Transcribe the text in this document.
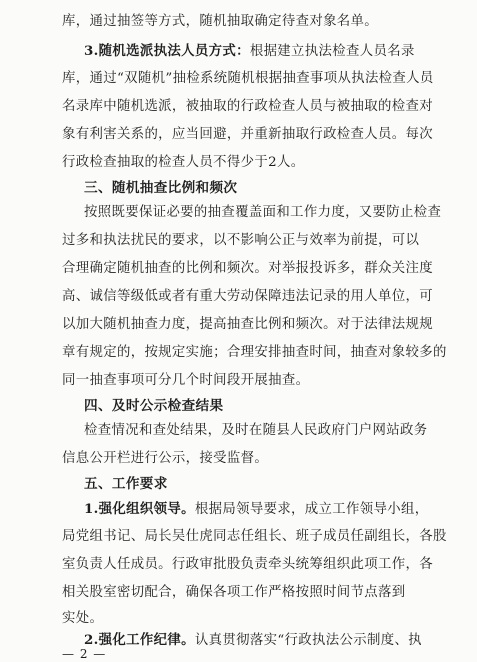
库，通过抽签等方式，随机抽取确定待查对象名单。
3.随机选派执法人员方式：根据建立执法检查人员名录
库，通过“双随机”抽检系统随机根据抽查事项从执法检查人员
名录库中随机选派，被抽取的行政检查人员与被抽取的检查对
象有利害关系的，应当回避，并重新抽取行政检查人员。每次
行政检查抽取的检查人员不得少于2人。
三、随机抽查比例和频次
按照既要保证必要的抽查覆盖面和工作力度，又要防止检查
过多和执法扰民的要求，以不影响公正与效率为前提，可以
合理确定随机抽查的比例和频次。对举报投诉多，群众关注度
高、诚信等级低或者有重大劳动保障违法记录的用人单位，可
以加大随机抽查力度，提高抽查比例和频次。对于法律法规规
章有规定的，按规定实施；合理安排抽查时间，抽查对象较多的
同一抽查事项可分几个时间段开展抽查。
四、及时公示检查结果
检查情况和查处结果，及时在随县人民政府门户网站政务
信息公开栏进行公示，接受监督。
五、工作要求
1.强化组织领导。根据局领导要求，成立工作领导小组，
局党组书记、局长吴仕虎同志任组长、班子成员任副组长，各股
室负责人任成员。行政审批股负责牵头统筹组织此项工作，各
相关股室密切配合，确保各项工作严格按照时间节点落到
实处。
2.强化工作纪律。认真贯彻落实“行政执法公示制度、执
— 2 —
